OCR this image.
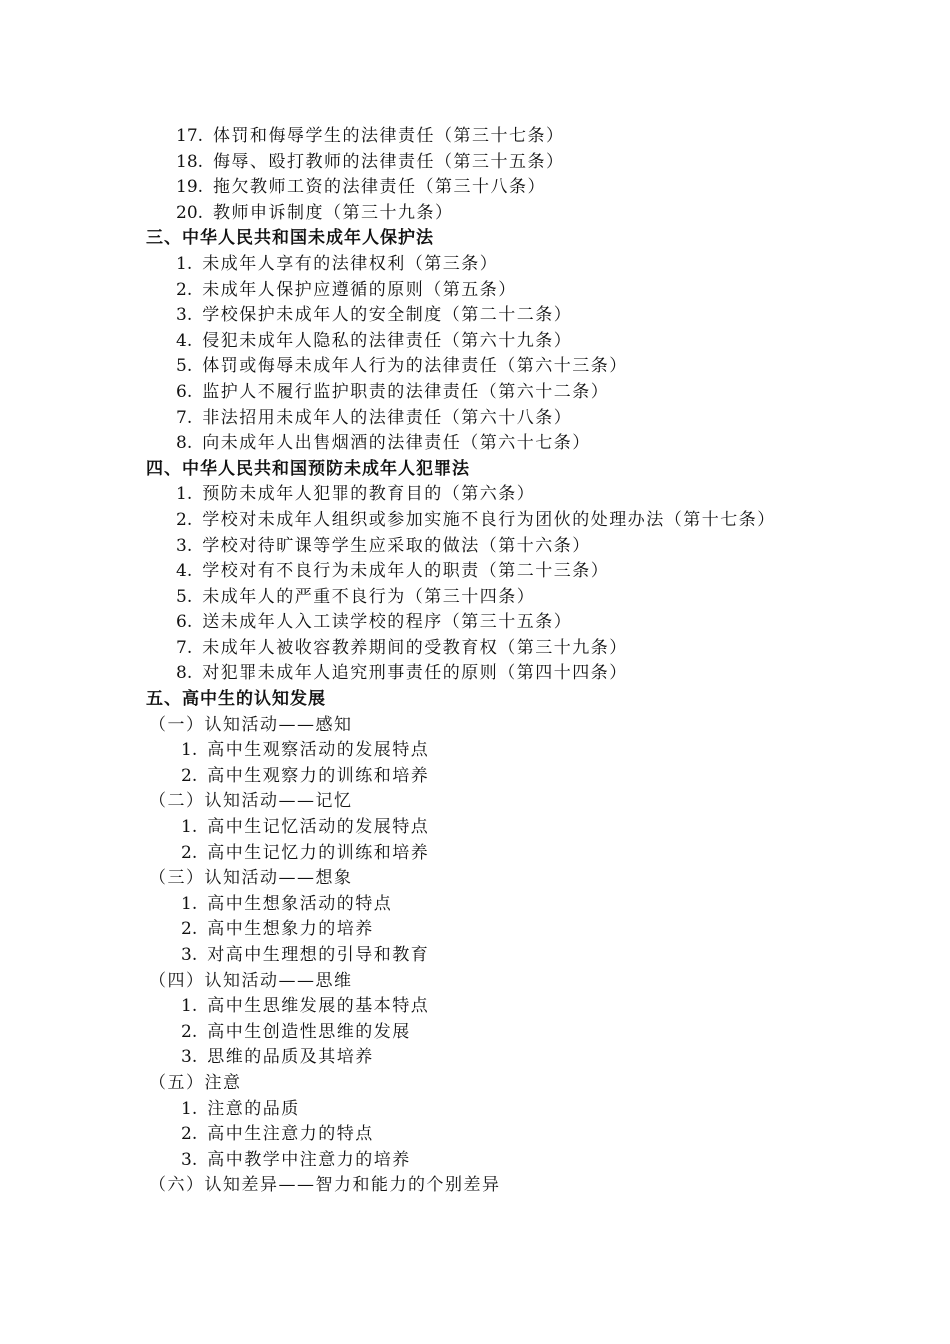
17. 体罚和侮辱学生的法律责任（第三十七条）
18. 侮辱、殴打教师的法律责任（第三十五条）
19. 拖欠教师工资的法律责任（第三十八条）
20. 教师申诉制度（第三十九条）
三、中华人民共和国未成年人保护法
1. 未成年人享有的法律权利（第三条）
2. 未成年人保护应遵循的原则（第五条）
3. 学校保护未成年人的安全制度（第二十二条）
4. 侵犯未成年人隐私的法律责任（第六十九条）
5. 体罚或侮辱未成年人行为的法律责任（第六十三条）
6. 监护人不履行监护职责的法律责任（第六十二条）
7. 非法招用未成年人的法律责任（第六十八条）
8. 向未成年人出售烟酒的法律责任（第六十七条）
四、中华人民共和国预防未成年人犯罪法
1. 预防未成年人犯罪的教育目的（第六条）
2. 学校对未成年人组织或参加实施不良行为团伙的处理办法（第十七条）
3. 学校对待旷课等学生应采取的做法（第十六条）
4. 学校对有不良行为未成年人的职责（第二十三条）
5. 未成年人的严重不良行为（第三十四条）
6. 送未成年人入工读学校的程序（第三十五条）
7. 未成年人被收容教养期间的受教育权（第三十九条）
8. 对犯罪未成年人追究刑事责任的原则（第四十四条）
五、高中生的认知发展
（一）认知活动——感知
1. 高中生观察活动的发展特点
2. 高中生观察力的训练和培养
（二）认知活动——记忆
1. 高中生记忆活动的发展特点
2. 高中生记忆力的训练和培养
（三）认知活动——想象
1. 高中生想象活动的特点
2. 高中生想象力的培养
3. 对高中生理想的引导和教育
（四）认知活动——思维
1. 高中生思维发展的基本特点
2. 高中生创造性思维的发展
3. 思维的品质及其培养
（五）注意
1. 注意的品质
2. 高中生注意力的特点
3. 高中教学中注意力的培养
（六）认知差异——智力和能力的个别差异
